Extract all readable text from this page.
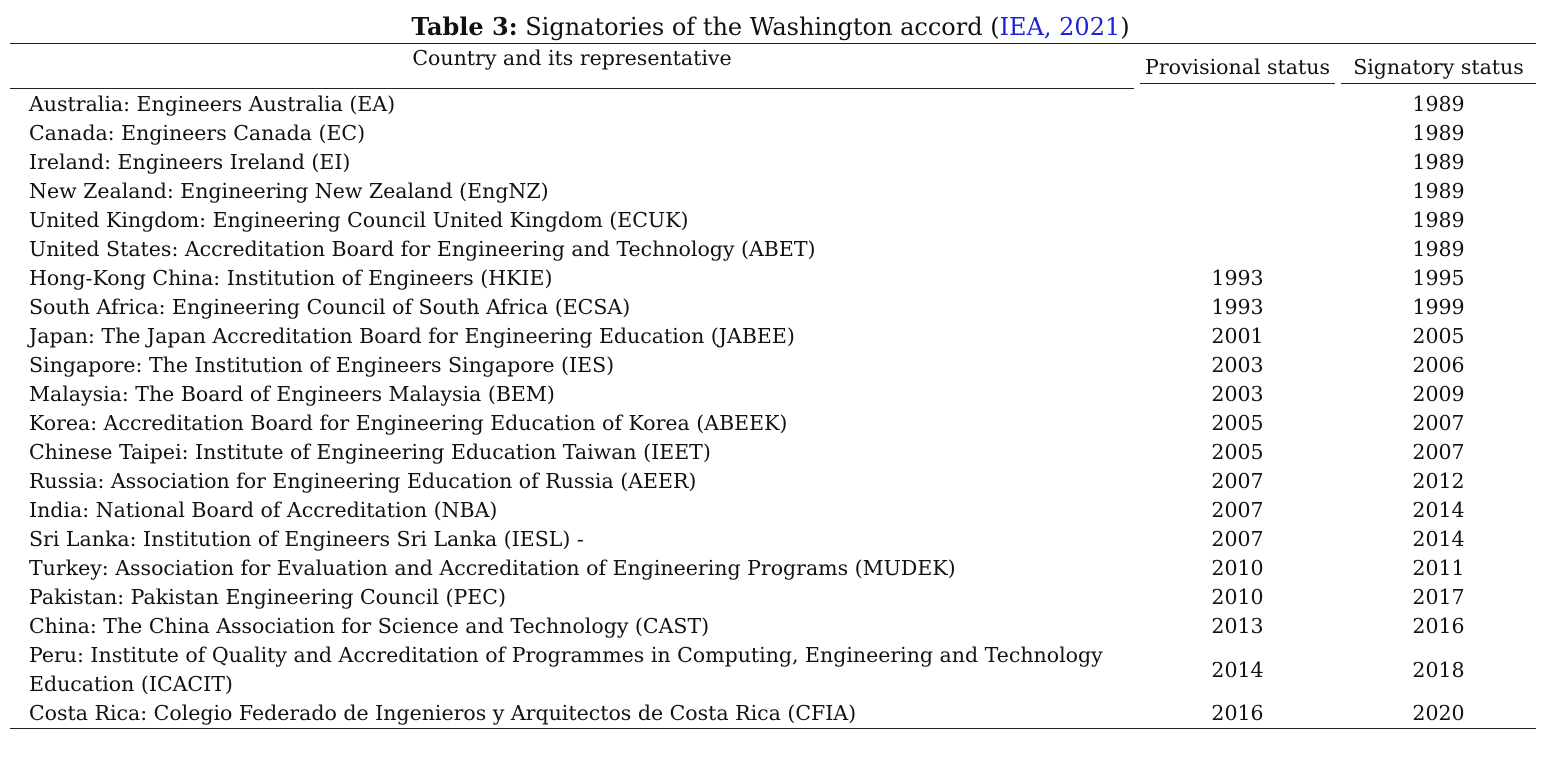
Table 3: Signatories of the Washington accord (IEA, 2021)

Country and its representative	Provisional status	Signatory status

Australia: Engineers Australia (EA)		1989
Canada: Engineers Canada (EC)		1989
Ireland: Engineers Ireland (EI)		1989
New Zealand: Engineering New Zealand (EngNZ)		1989
United Kingdom: Engineering Council United Kingdom (ECUK)		1989
United States: Accreditation Board for Engineering and Technology (ABET)		1989
Hong-Kong China: Institution of Engineers (HKIE)	1993	1995
South Africa: Engineering Council of South Africa (ECSA)	1993	1999
Japan: The Japan Accreditation Board for Engineering Education (JABEE)	2001	2005
Singapore: The Institution of Engineers Singapore (IES)	2003	2006
Malaysia: The Board of Engineers Malaysia (BEM)	2003	2009
Korea: Accreditation Board for Engineering Education of Korea (ABEEK)	2005	2007
Chinese Taipei: Institute of Engineering Education Taiwan (IEET)	2005	2007
Russia: Association for Engineering Education of Russia (AEER)	2007	2012
India: National Board of Accreditation (NBA)	2007	2014
Sri Lanka: Institution of Engineers Sri Lanka (IESL) -	2007	2014
Turkey: Association for Evaluation and Accreditation of Engineering Programs (MUDEK)	2010	2011
Pakistan: Pakistan Engineering Council (PEC)	2010	2017
China: The China Association for Science and Technology (CAST)	2013	2016
Peru: Institute of Quality and Accreditation of Programmes in Computing, Engineering and Technology Education (ICACIT)	2014	2018
Costa Rica: Colegio Federado de Ingenieros y Arquitectos de Costa Rica (CFIA)	2016	2020
